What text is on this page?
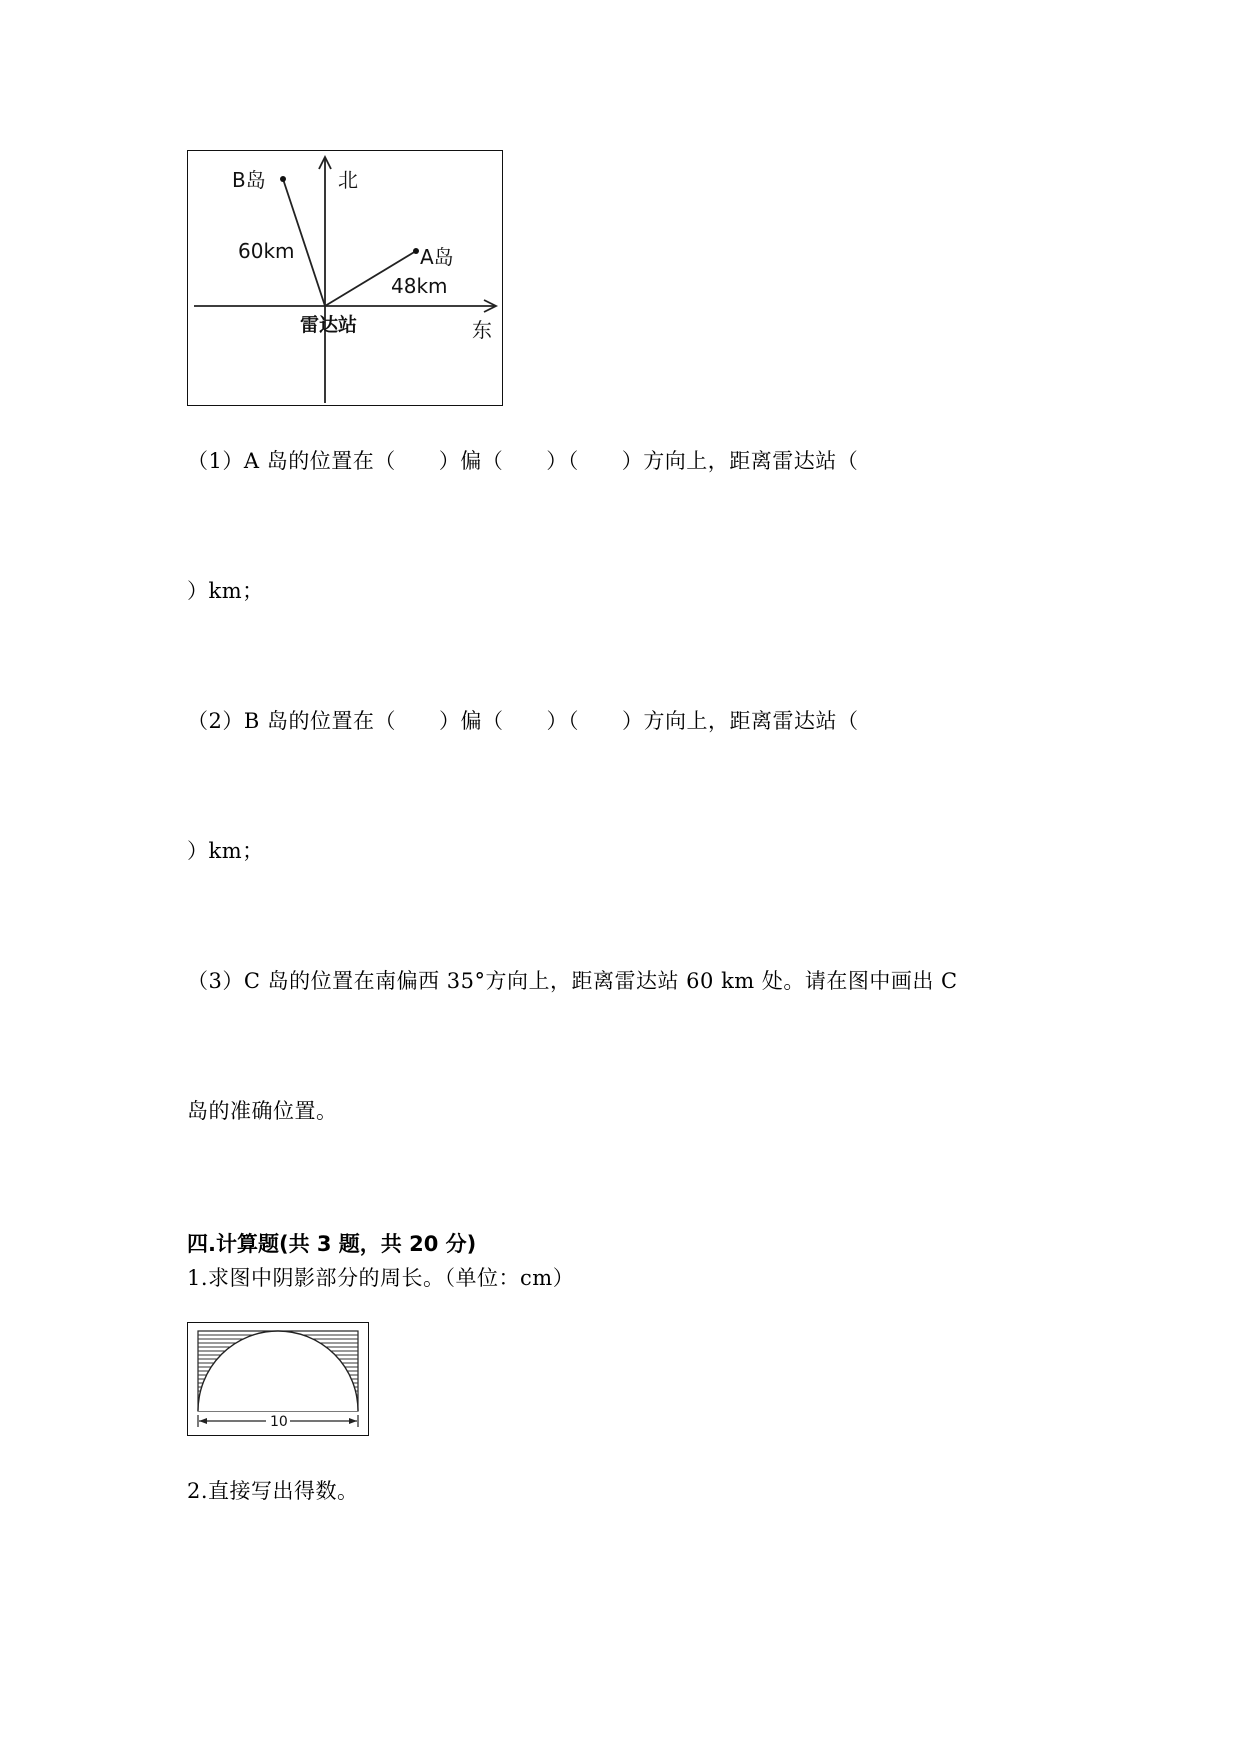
B岛	北
60km	A岛
48km
雷达站	东
（1）A 岛的位置在（　　）偏（　　）（　　）方向上，距离雷达站（
）km；
（2）B 岛的位置在（　　）偏（　　）（　　）方向上，距离雷达站（
）km；
（3）C 岛的位置在南偏西 35°方向上，距离雷达站 60 km 处。请在图中画出 C
岛的准确位置。
四.计算题(共 3 题，共 20 分)
1.求图中阴影部分的周长。（单位：cm）
10
2.直接写出得数。
